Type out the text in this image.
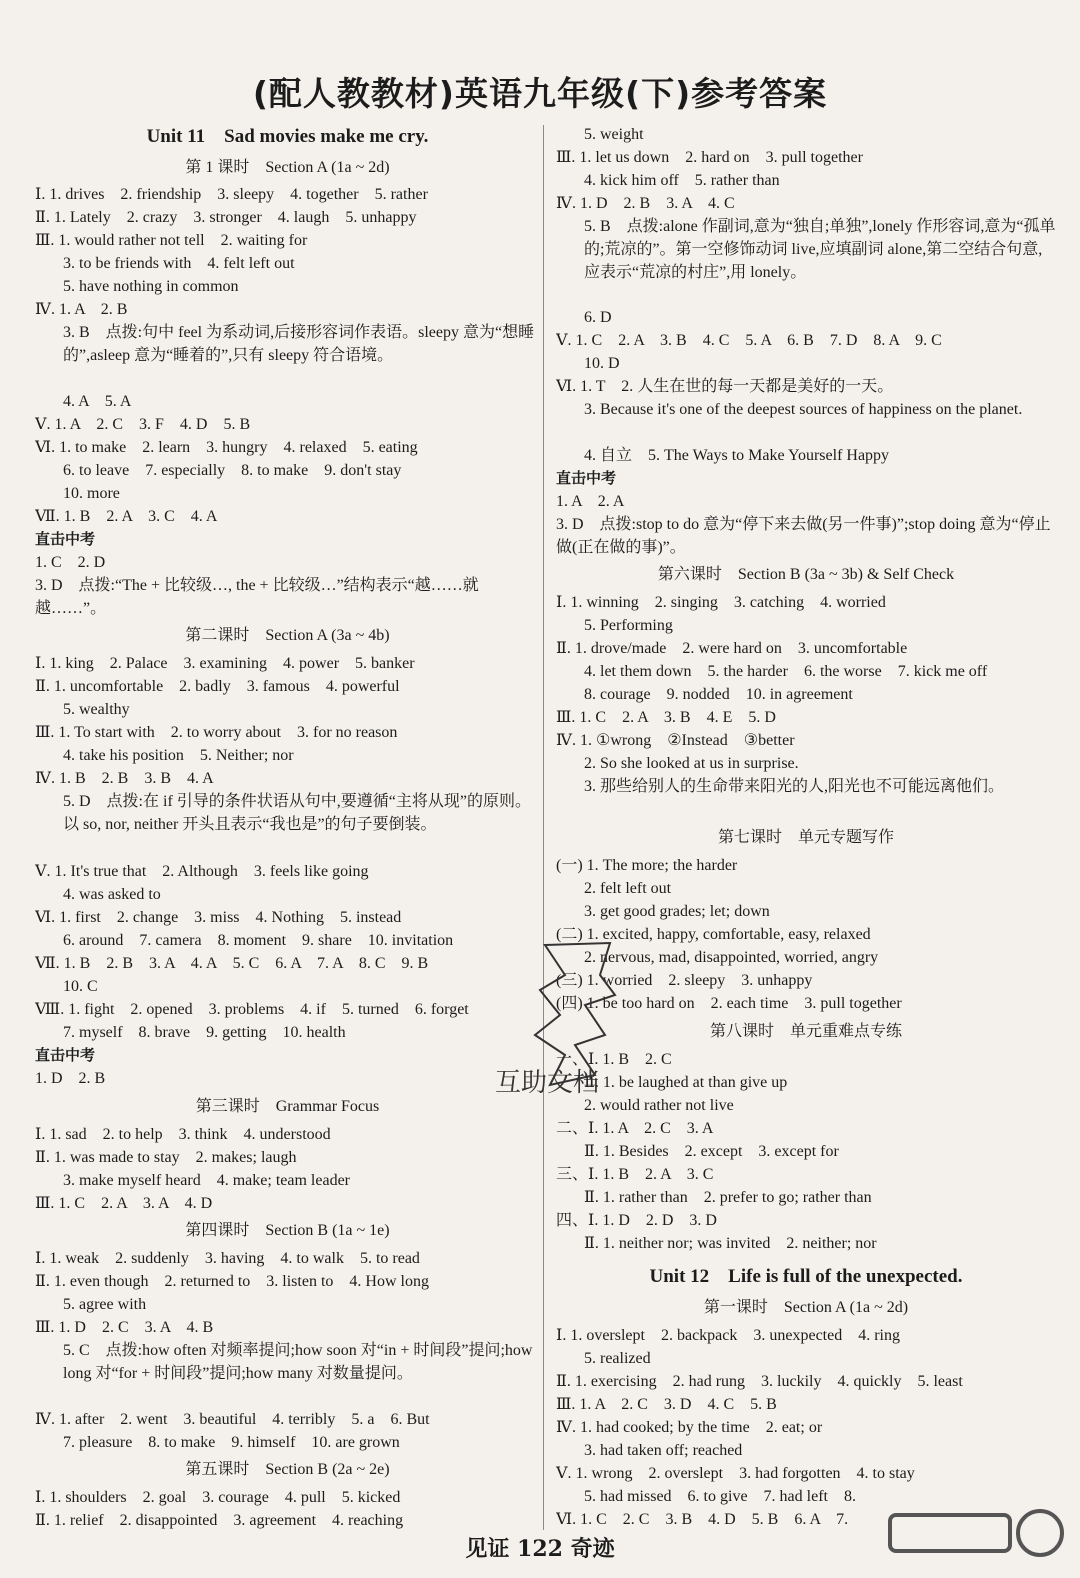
(配人教教材)英语九年级(下)参考答案
Unit 11　Sad movies make me cry.
第 1 课时　Section A (1a ~ 2d)
Ⅰ. 1. drives　2. friendship　3. sleepy　4. together　5. rather
Ⅱ. 1. Lately　2. crazy　3. stronger　4. laugh　5. unhappy
Ⅲ. 1. would rather not tell　2. waiting for
3. to be friends with　4. felt left out
5. have nothing in common
Ⅳ. 1. A　2. B
3. B　点拨:句中 feel 为系动词,后接形容词作表语。sleepy 意为“想睡的”,asleep 意为“睡着的”,只有 sleepy 符合语境。
4. A　5. A
Ⅴ. 1. A　2. C　3. F　4. D　5. B
Ⅵ. 1. to make　2. learn　3. hungry　4. relaxed　5. eating
6. to leave　7. especially　8. to make　9. don't stay
10. more
Ⅶ. 1. B　2. A　3. C　4. A
直击中考
1. C　2. D
3. D　点拨:“The + 比较级…, the + 比较级…”结构表示“越……就越……”。
第二课时　Section A (3a ~ 4b)
Ⅰ. 1. king　2. Palace　3. examining　4. power　5. banker
Ⅱ. 1. uncomfortable　2. badly　3. famous　4. powerful
5. wealthy
Ⅲ. 1. To start with　2. to worry about　3. for no reason
4. take his position　5. Neither; nor
Ⅳ. 1. B　2. B　3. B　4. A
5. D　点拨:在 if 引导的条件状语从句中,要遵循“主将从现”的原则。以 so, nor, neither 开头且表示“我也是”的句子要倒装。
Ⅴ. 1. It's true that　2. Although　3. feels like going
4. was asked to
Ⅵ. 1. first　2. change　3. miss　4. Nothing　5. instead
6. around　7. camera　8. moment　9. share　10. invitation
Ⅶ. 1. B　2. B　3. A　4. A　5. C　6. A　7. A　8. C　9. B
10. C
Ⅷ. 1. fight　2. opened　3. problems　4. if　5. turned　6. forget
7. myself　8. brave　9. getting　10. health
直击中考
1. D　2. B
第三课时　Grammar Focus
Ⅰ. 1. sad　2. to help　3. think　4. understood
Ⅱ. 1. was made to stay　2. makes; laugh
3. make myself heard　4. make; team leader
Ⅲ. 1. C　2. A　3. A　4. D
第四课时　Section B (1a ~ 1e)
Ⅰ. 1. weak　2. suddenly　3. having　4. to walk　5. to read
Ⅱ. 1. even though　2. returned to　3. listen to　4. How long
5. agree with
Ⅲ. 1. D　2. C　3. A　4. B
5. C　点拨:how often 对频率提问;how soon 对“in + 时间段”提问;how long 对“for + 时间段”提问;how many 对数量提问。
Ⅳ. 1. after　2. went　3. beautiful　4. terribly　5. a　6. But
7. pleasure　8. to make　9. himself　10. are grown
第五课时　Section B (2a ~ 2e)
Ⅰ. 1. shoulders　2. goal　3. courage　4. pull　5. kicked
Ⅱ. 1. relief　2. disappointed　3. agreement　4. reaching
5. weight
Ⅲ. 1. let us down　2. hard on　3. pull together
4. kick him off　5. rather than
Ⅳ. 1. D　2. B　3. A　4. C
5. B　点拨:alone 作副词,意为“独自;单独”,lonely 作形容词,意为“孤单的;荒凉的”。第一空修饰动词 live,应填副词 alone,第二空结合句意,应表示“荒凉的村庄”,用 lonely。
6. D
Ⅴ. 1. C　2. A　3. B　4. C　5. A　6. B　7. D　8. A　9. C
10. D
Ⅵ. 1. T　2. 人生在世的每一天都是美好的一天。
3. Because it's one of the deepest sources of happiness on the planet.
4. 自立　5. The Ways to Make Yourself Happy
直击中考
1. A　2. A
3. D　点拨:stop to do 意为“停下来去做(另一件事)”;stop doing 意为“停止做(正在做的事)”。
第六课时　Section B (3a ~ 3b) & Self Check
Ⅰ. 1. winning　2. singing　3. catching　4. worried
5. Performing
Ⅱ. 1. drove/made　2. were hard on　3. uncomfortable
4. let them down　5. the harder　6. the worse　7. kick me off
8. courage　9. nodded　10. in agreement
Ⅲ. 1. C　2. A　3. B　4. E　5. D
Ⅳ. 1. ①wrong　②Instead　③better
2. So she looked at us in surprise.
3. 那些给别人的生命带来阳光的人,阳光也不可能远离他们。
第七课时　单元专题写作
(一) 1. The more; the harder
2. felt left out
3. get good grades; let; down
(二) 1. excited, happy, comfortable, easy, relaxed
2. nervous, mad, disappointed, worried, angry
(三) 1. worried　2. sleepy　3. unhappy
(四) 1. be too hard on　2. each time　3. pull together
第八课时　单元重难点专练
一、Ⅰ. 1. B　2. C
Ⅱ. 1. be laughed at than give up
2. would rather not live
二、Ⅰ. 1. A　2. C　3. A
Ⅱ. 1. Besides　2. except　3. except for
三、Ⅰ. 1. B　2. A　3. C
Ⅱ. 1. rather than　2. prefer to go; rather than
四、Ⅰ. 1. D　2. D　3. D
Ⅱ. 1. neither nor; was invited　2. neither; nor
Unit 12　Life is full of the unexpected.
第一课时　Section A (1a ~ 2d)
Ⅰ. 1. overslept　2. backpack　3. unexpected　4. ring
5. realized
Ⅱ. 1. exercising　2. had rung　3. luckily　4. quickly　5. least
Ⅲ. 1. A　2. C　3. D　4. C　5. B
Ⅳ. 1. had cooked; by the time　2. eat; or
3. had taken off; reached
Ⅴ. 1. wrong　2. overslept　3. had forgotten　4. to stay
5. had missed　6. to give　7. had left　8.
Ⅵ. 1. C　2. C　3. B　4. D　5. B　6. A　7.
互助文档
见证 122 奇迹
